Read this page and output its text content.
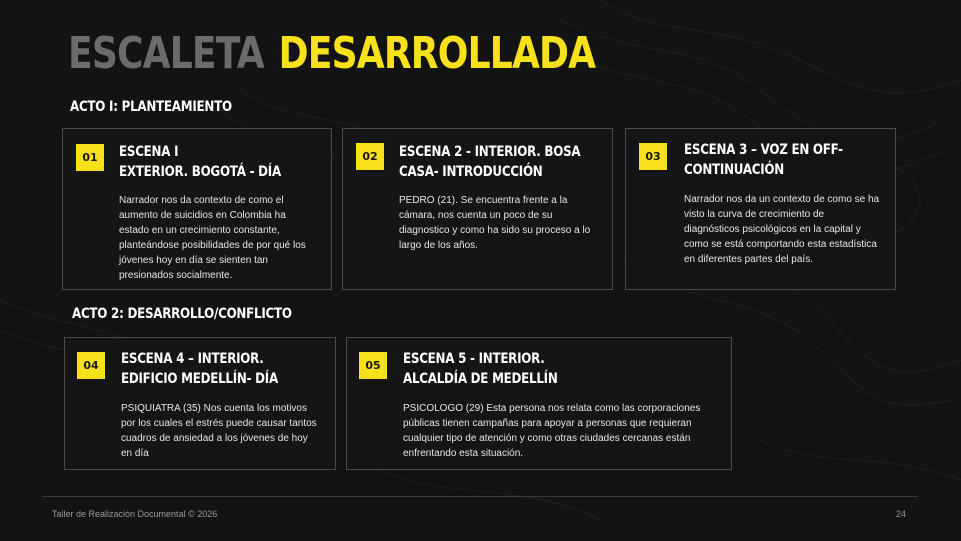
ESCALETA DESARROLLADA
ACTO I: PLANTEAMIENTO
ACTO 2: DESARROLLO/CONFLICTO
01	ESCENA I
EXTERIOR. BOGOTÁ - DÍA
Narrador nos da contexto de como el aumento de suicidios en Colombia ha estado en un crecimiento constante, planteándose posibilidades de por qué los jóvenes hoy en día se sienten tan presionados socialmente.
02	ESCENA 2 - INTERIOR. BOSA
CASA- INTRODUCCIÓN
PEDRO (21). Se encuentra frente a la cámara, nos cuenta un poco de su diagnostico y como ha sido su proceso a lo largo de los años.
03	ESCENA 3 – VOZ EN OFF-
CONTINUACIÓN
Narrador nos da un contexto de como se ha visto la curva de crecimiento de diagnósticos psicológicos en la capital y como se está comportando esta estadística en diferentes partes del país.
04	ESCENA 4 – INTERIOR.
EDIFICIO MEDELLÍN- DÍA
PSIQUIATRA (35) Nos cuenta los motivos por los cuales el estrés puede causar tantos cuadros de ansiedad a los jóvenes de hoy en día
05	ESCENA 5 - INTERIOR.
ALCALDÍA DE MEDELLÍN
PSICOLOGO (29) Esta persona nos relata como las corporaciones públicas tienen campañas para apoyar a personas que requieran cualquier tipo de atención y como otras ciudades cercanas están enfrentando esta situación.
Taller de Realización Documental © 2026	24
